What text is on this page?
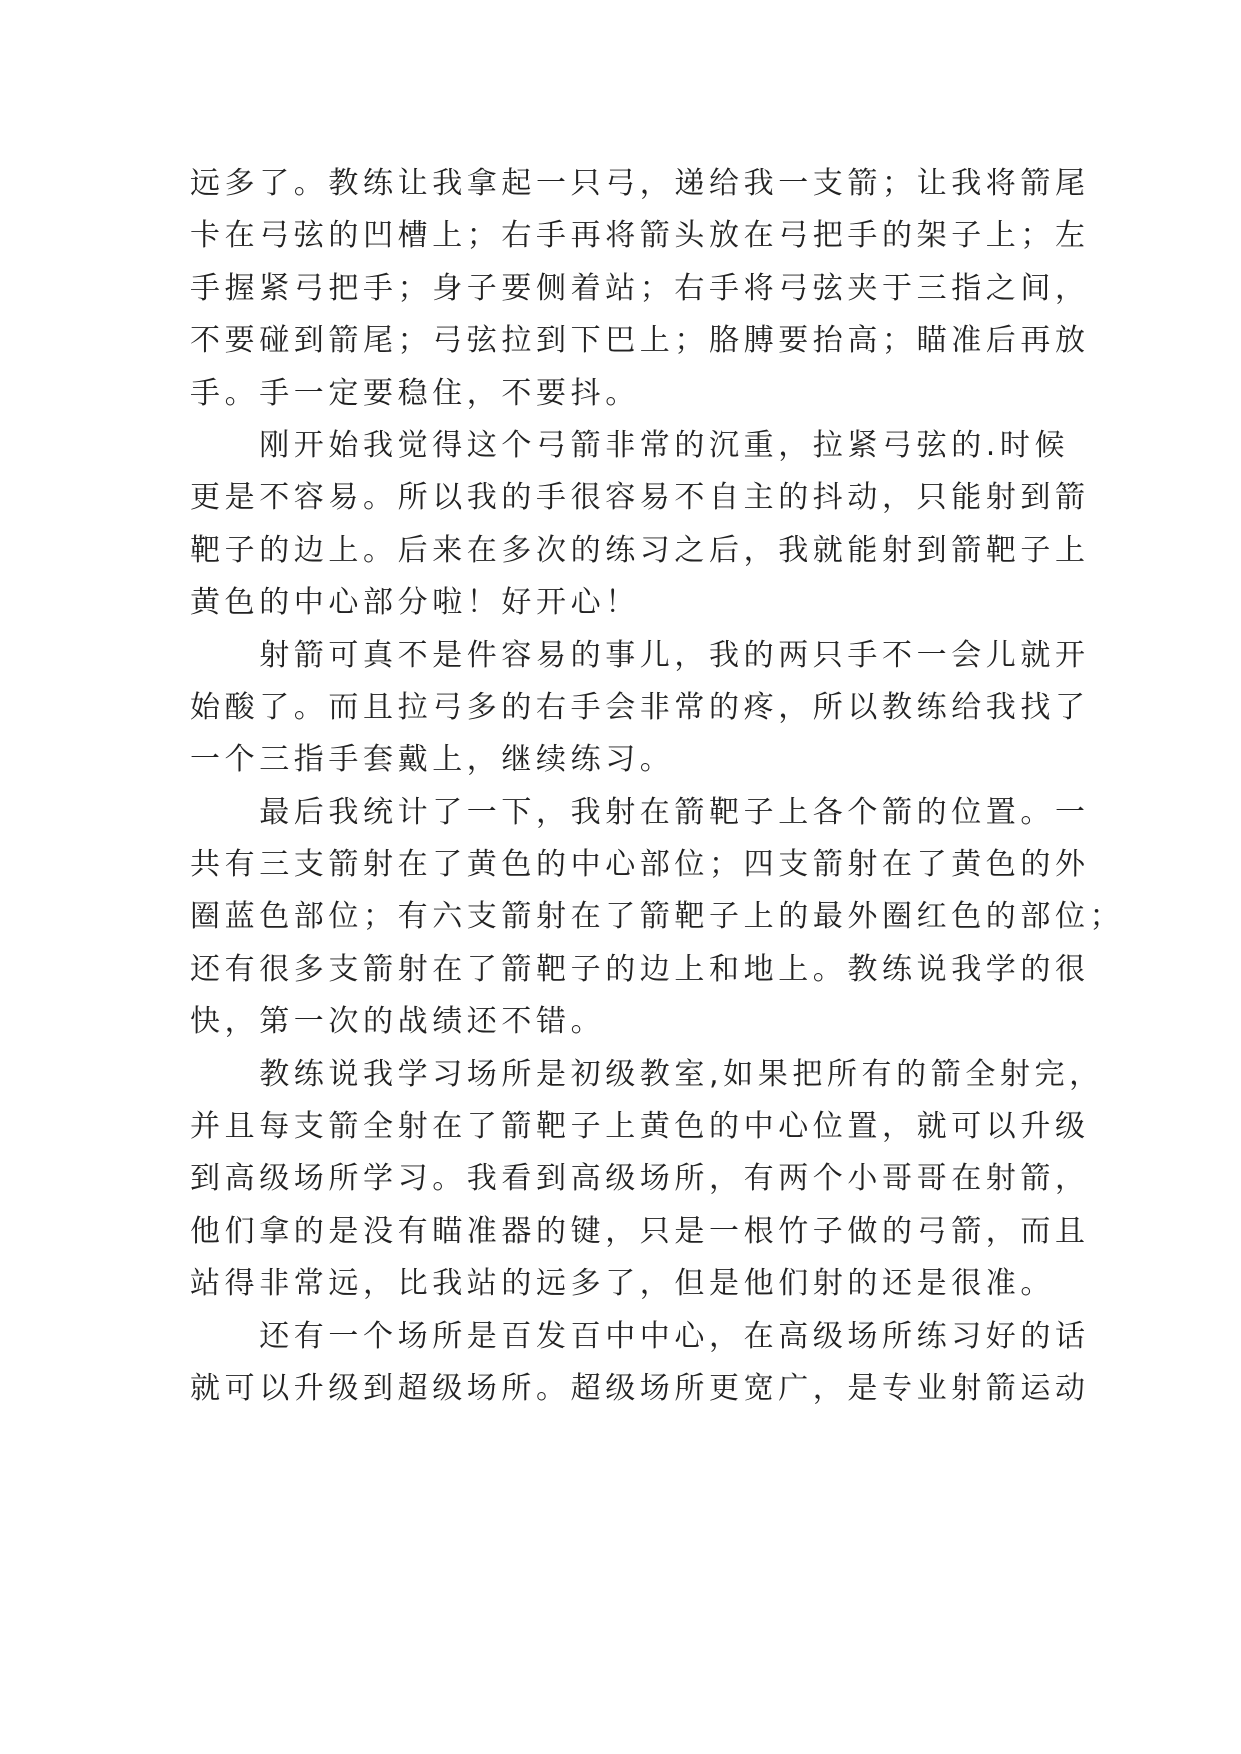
远多了。教练让我拿起一只弓，递给我一支箭；让我将箭尾
卡在弓弦的凹槽上；右手再将箭头放在弓把手的架子上；左
手握紧弓把手；身子要侧着站；右手将弓弦夹于三指之间，
不要碰到箭尾；弓弦拉到下巴上；胳膊要抬高；瞄准后再放
手。手一定要稳住，不要抖。
　　刚开始我觉得这个弓箭非常的沉重，拉紧弓弦的.时候
更是不容易。所以我的手很容易不自主的抖动，只能射到箭
靶子的边上。后来在多次的练习之后，我就能射到箭靶子上
黄色的中心部分啦！好开心！
　　射箭可真不是件容易的事儿，我的两只手不一会儿就开
始酸了。而且拉弓多的右手会非常的疼，所以教练给我找了
一个三指手套戴上，继续练习。
　　最后我统计了一下，我射在箭靶子上各个箭的位置。一
共有三支箭射在了黄色的中心部位；四支箭射在了黄色的外
圈蓝色部位；有六支箭射在了箭靶子上的最外圈红色的部位；
还有很多支箭射在了箭靶子的边上和地上。教练说我学的很
快，第一次的战绩还不错。
　　教练说我学习场所是初级教室,如果把所有的箭全射完，
并且每支箭全射在了箭靶子上黄色的中心位置，就可以升级
到高级场所学习。我看到高级场所，有两个小哥哥在射箭，
他们拿的是没有瞄准器的键，只是一根竹子做的弓箭，而且
站得非常远，比我站的远多了，但是他们射的还是很准。
　　还有一个场所是百发百中中心，在高级场所练习好的话
就可以升级到超级场所。超级场所更宽广，是专业射箭运动
